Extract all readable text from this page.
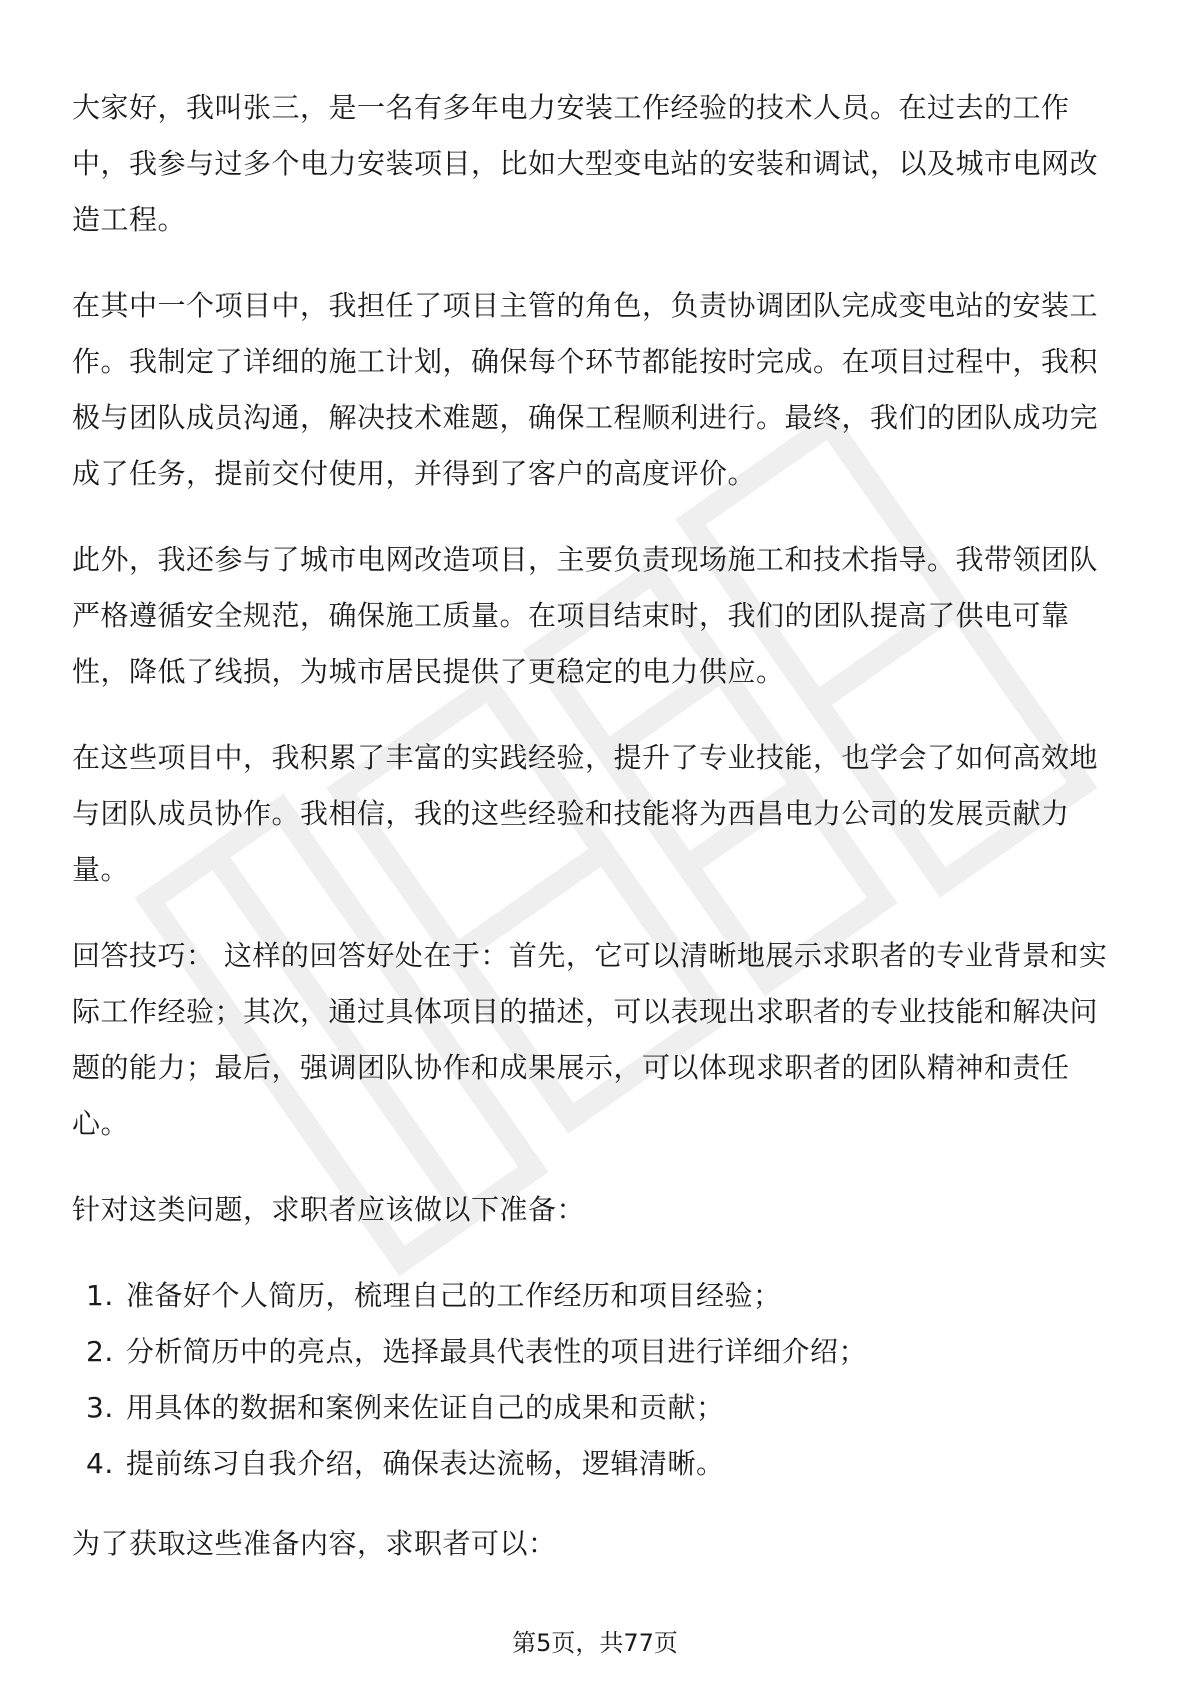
大家好，我叫张三，是一名有多年电力安装工作经验的技术人员。在过去的工作中，我参与过多个电力安装项目，比如大型变电站的安装和调试，以及城市电网改造工程。

在其中一个项目中，我担任了项目主管的角色，负责协调团队完成变电站的安装工作。我制定了详细的施工计划，确保每个环节都能按时完成。在项目过程中，我积极与团队成员沟通，解决技术难题，确保工程顺利进行。最终，我们的团队成功完成了任务，提前交付使用，并得到了客户的高度评价。

此外，我还参与了城市电网改造项目，主要负责现场施工和技术指导。我带领团队严格遵循安全规范，确保施工质量。在项目结束时，我们的团队提高了供电可靠性，降低了线损，为城市居民提供了更稳定的电力供应。

在这些项目中，我积累了丰富的实践经验，提升了专业技能，也学会了如何高效地与团队成员协作。我相信，我的这些经验和技能将为西昌电力公司的发展贡献力量。

回答技巧： 这样的回答好处在于：首先，它可以清晰地展示求职者的专业背景和实际工作经验；其次，通过具体项目的描述，可以表现出求职者的专业技能和解决问题的能力；最后，强调团队协作和成果展示，可以体现求职者的团队精神和责任心。

针对这类问题，求职者应该做以下准备：

1. 准备好个人简历，梳理自己的工作经历和项目经验；
2. 分析简历中的亮点，选择最具代表性的项目进行详细介绍；
3. 用具体的数据和案例来佐证自己的成果和贡献；
4. 提前练习自我介绍，确保表达流畅，逻辑清晰。

为了获取这些准备内容，求职者可以：

第5页，共77页
